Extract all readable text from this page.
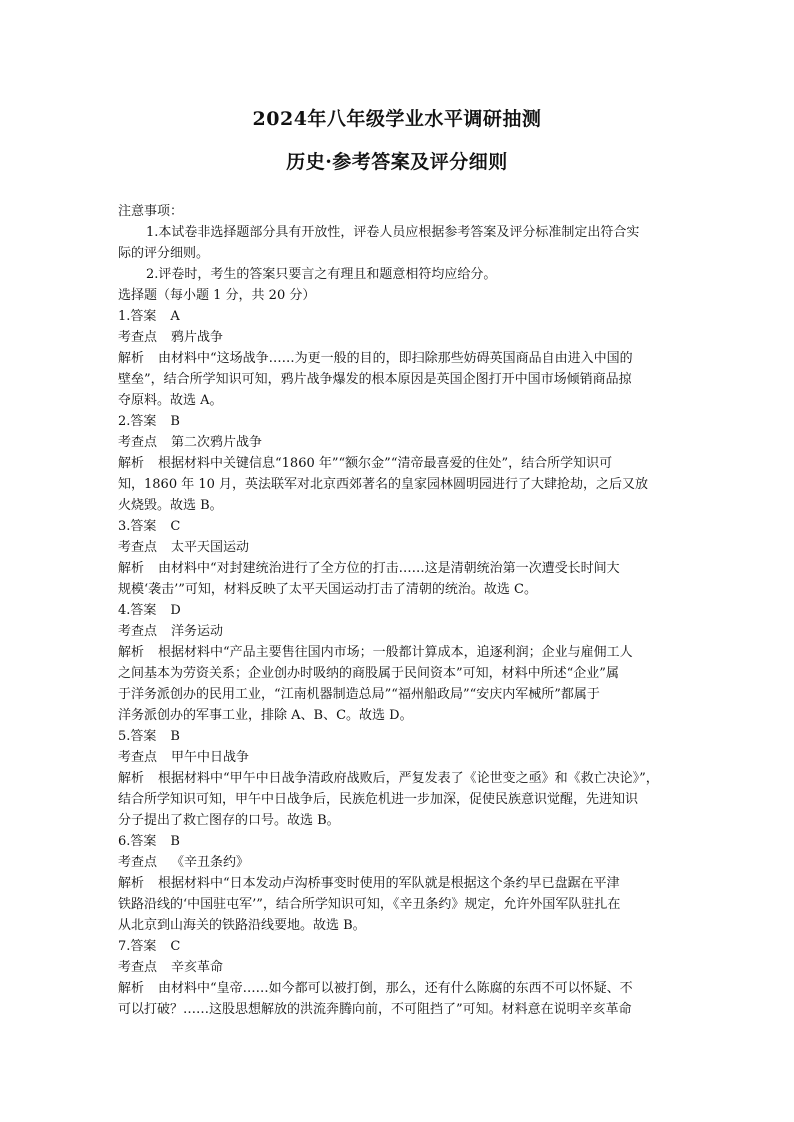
2024年八年级学业水平调研抽测
历史·参考答案及评分细则
注意事项：
1.本试卷非选择题部分具有开放性，评卷人员应根据参考答案及评分标准制定出符合实
际的评分细则。
2.评卷时，考生的答案只要言之有理且和题意相符均应给分。
选择题（每小题 1 分，共 20 分）
1.答案 A
考查点 鸦片战争
解析 由材料中“这场战争……为更一般的目的，即扫除那些妨碍英国商品自由进入中国的
壁垒”，结合所学知识可知，鸦片战争爆发的根本原因是英国企图打开中国市场倾销商品掠
夺原料。故选 A。
2.答案 B
考查点 第二次鸦片战争
解析 根据材料中关键信息“1860 年”“额尔金”“清帝最喜爱的住处”，结合所学知识可
知，1860 年 10 月，英法联军对北京西郊著名的皇家园林圆明园进行了大肆抢劫，之后又放
火烧毁。故选 B。
3.答案 C
考查点 太平天国运动
解析 由材料中“对封建统治进行了全方位的打击……这是清朝统治第一次遭受长时间大
规模‘袭击’”可知，材料反映了太平天国运动打击了清朝的统治。故选 C。
4.答案 D
考查点 洋务运动
解析 根据材料中“产品主要售往国内市场；一般都计算成本，追逐利润；企业与雇佣工人
之间基本为劳资关系；企业创办时吸纳的商股属于民间资本”可知，材料中所述“企业”属
于洋务派创办的民用工业，“江南机器制造总局”“福州船政局”“安庆内军械所”都属于
洋务派创办的军事工业，排除 A、B、C。故选 D。
5.答案 B
考查点 甲午中日战争
解析 根据材料中“甲午中日战争清政府战败后，严复发表了《论世变之亟》和《救亡决论》”，
结合所学知识可知，甲午中日战争后，民族危机进一步加深，促使民族意识觉醒，先进知识
分子提出了救亡图存的口号。故选 B。
6.答案 B
考查点 《辛丑条约》
解析 根据材料中“日本发动卢沟桥事变时使用的军队就是根据这个条约早已盘踞在平津
铁路沿线的‘中国驻屯军’”，结合所学知识可知，《辛丑条约》规定，允许外国军队驻扎在
从北京到山海关的铁路沿线要地。故选 B。
7.答案 C
考查点 辛亥革命
解析 由材料中“皇帝……如今都可以被打倒，那么，还有什么陈腐的东西不可以怀疑、不
可以打破？……这股思想解放的洪流奔腾向前，不可阻挡了”可知。材料意在说明辛亥革命
